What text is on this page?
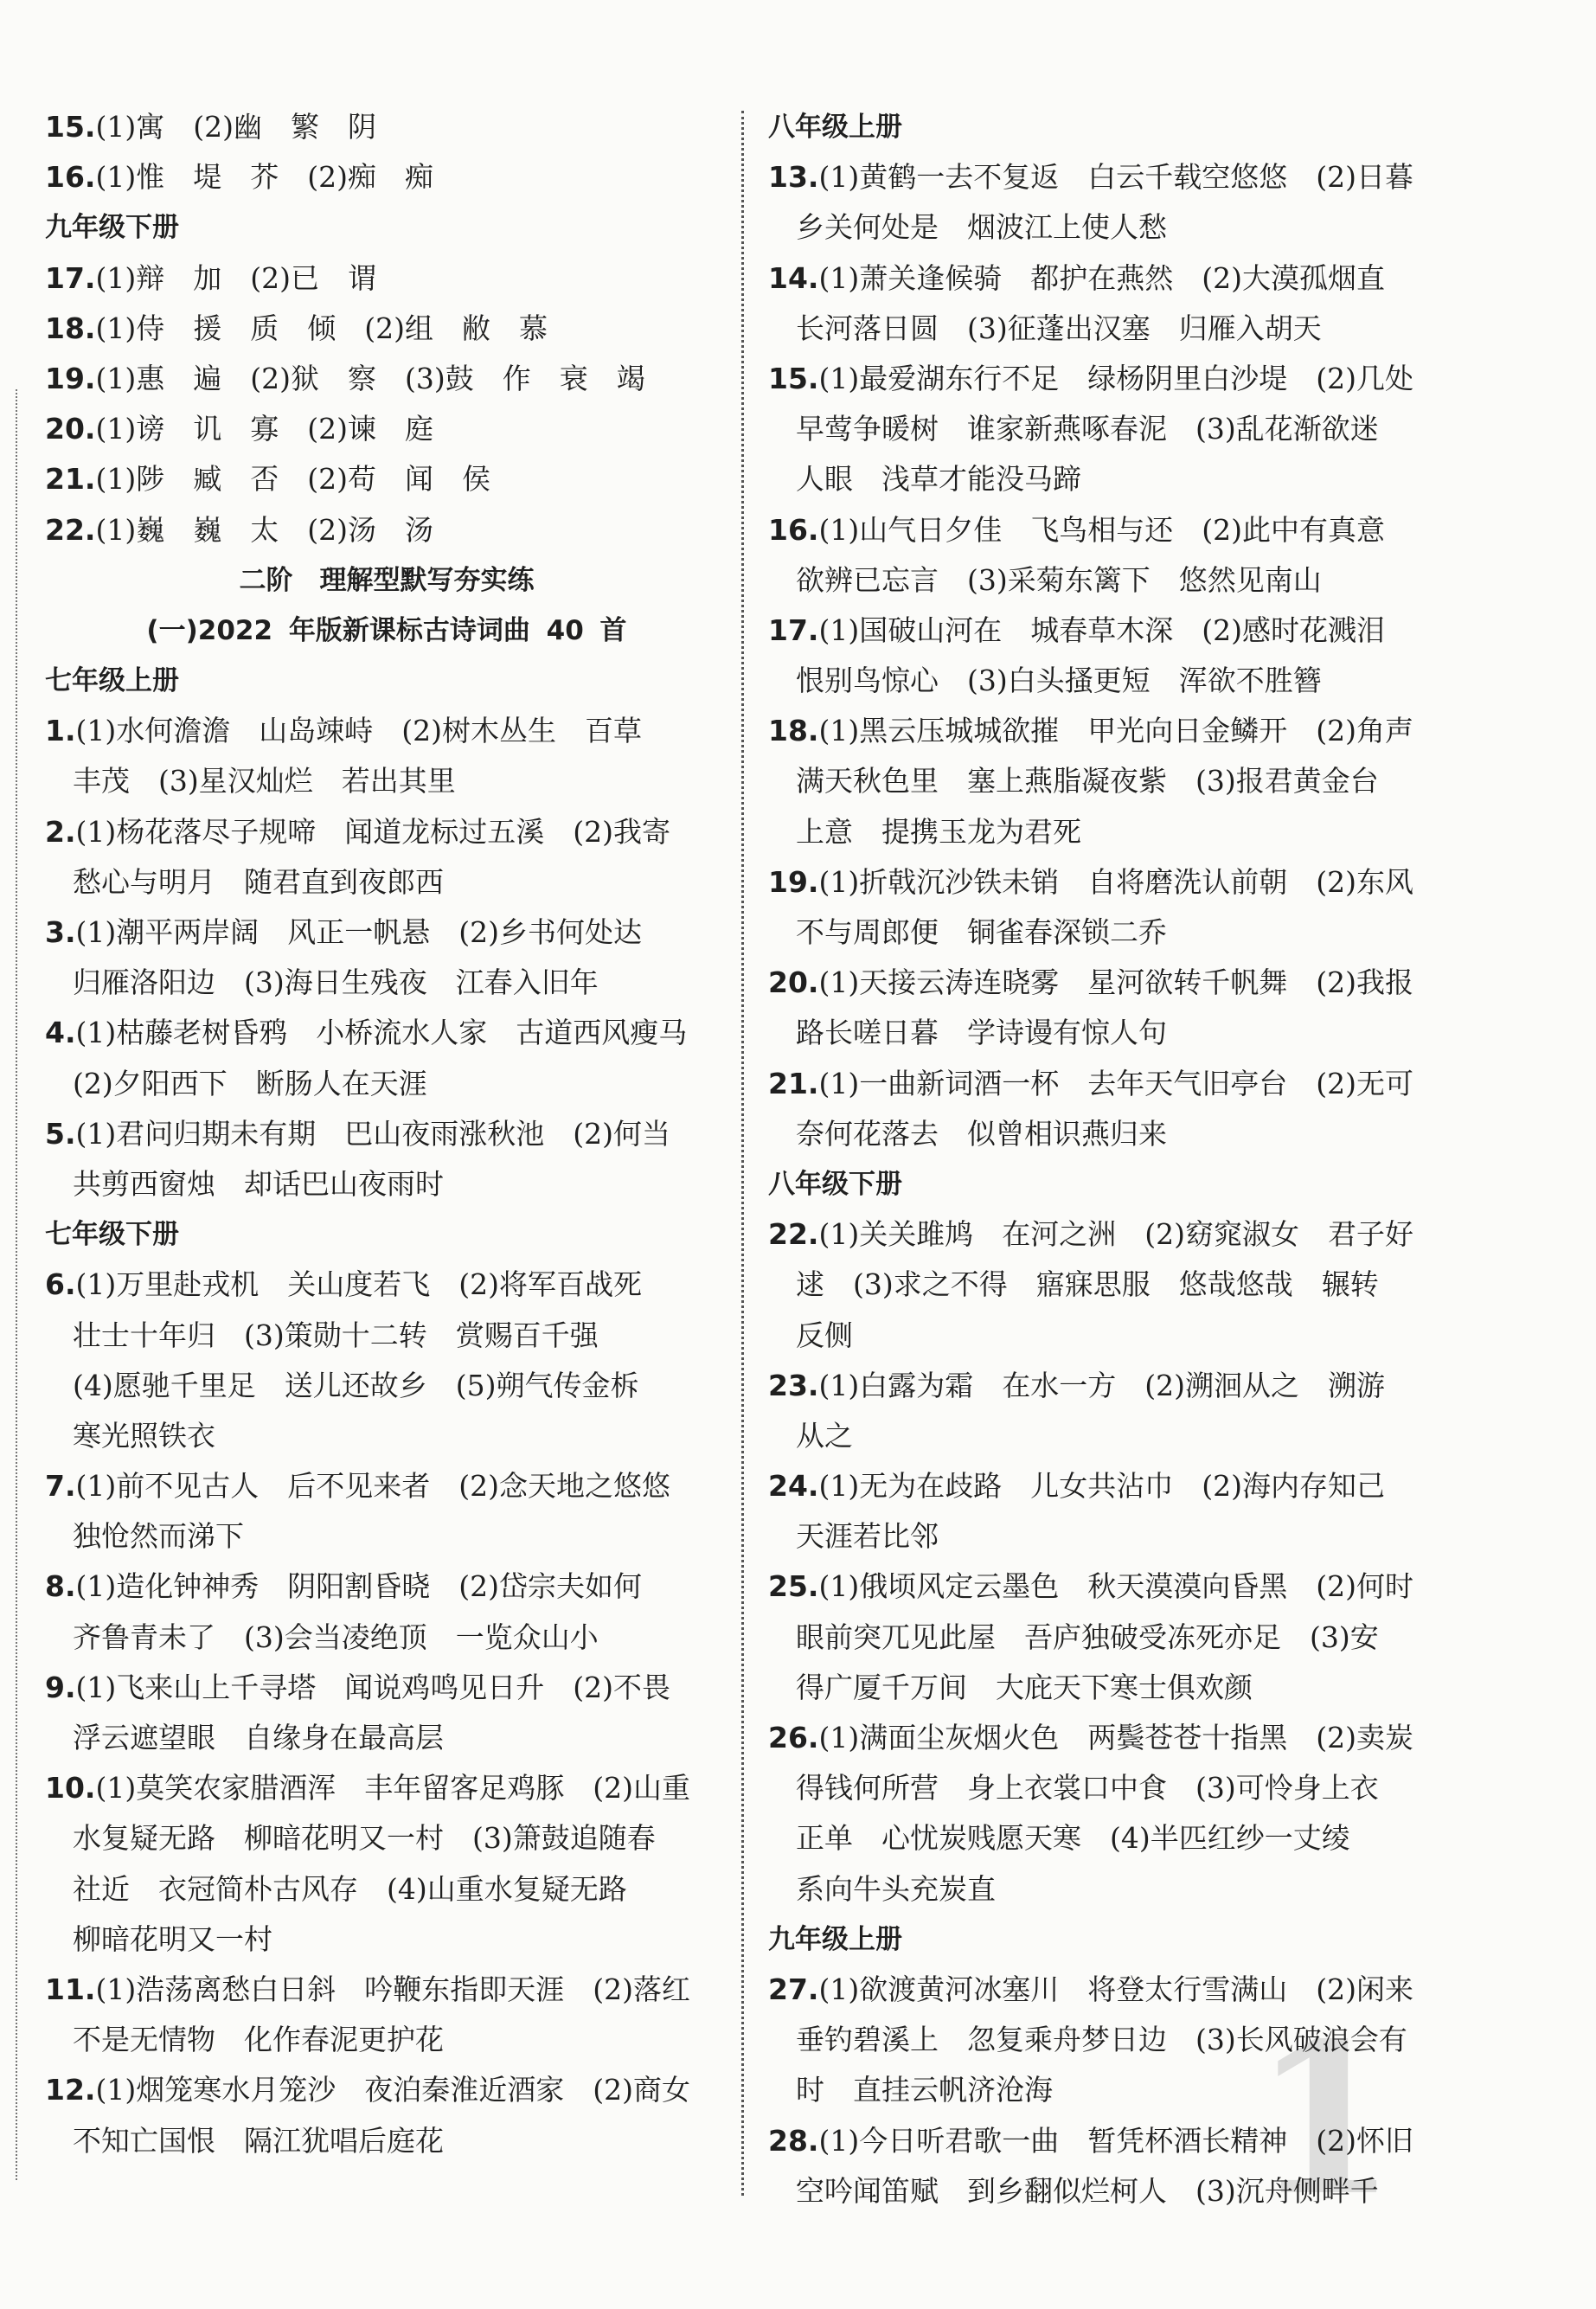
1
15.(1)寓　(2)幽　繁　阴
16.(1)惟　堤　芥　(2)痴　痴
九年级下册
17.(1)辩　加　(2)已　谓
18.(1)侍　援　质　倾　(2)组　敝　慕
19.(1)惠　遍　(2)狱　察　(3)鼓　作　衰　竭
20.(1)谤　讥　寡　(2)谏　庭
21.(1)陟　臧　否　(2)苟　闻　侯
22.(1)巍　巍　太　(2)汤　汤
二阶　理解型默写夯实练
(一)2022 年版新课标古诗词曲 40 首
七年级上册
1.(1)水何澹澹　山岛竦峙　(2)树木丛生　百草
丰茂　(3)星汉灿烂　若出其里
2.(1)杨花落尽子规啼　闻道龙标过五溪　(2)我寄
愁心与明月　随君直到夜郎西
3.(1)潮平两岸阔　风正一帆悬　(2)乡书何处达
归雁洛阳边　(3)海日生残夜　江春入旧年
4.(1)枯藤老树昏鸦　小桥流水人家　古道西风瘦马
(2)夕阳西下　断肠人在天涯
5.(1)君问归期未有期　巴山夜雨涨秋池　(2)何当
共剪西窗烛　却话巴山夜雨时
七年级下册
6.(1)万里赴戎机　关山度若飞　(2)将军百战死
壮士十年归　(3)策勋十二转　赏赐百千强
(4)愿驰千里足　送儿还故乡　(5)朔气传金柝
寒光照铁衣
7.(1)前不见古人　后不见来者　(2)念天地之悠悠
独怆然而涕下
8.(1)造化钟神秀　阴阳割昏晓　(2)岱宗夫如何
齐鲁青未了　(3)会当凌绝顶　一览众山小
9.(1)飞来山上千寻塔　闻说鸡鸣见日升　(2)不畏
浮云遮望眼　自缘身在最高层
10.(1)莫笑农家腊酒浑　丰年留客足鸡豚　(2)山重
水复疑无路　柳暗花明又一村　(3)箫鼓追随春
社近　衣冠简朴古风存　(4)山重水复疑无路
柳暗花明又一村
11.(1)浩荡离愁白日斜　吟鞭东指即天涯　(2)落红
不是无情物　化作春泥更护花
12.(1)烟笼寒水月笼沙　夜泊秦淮近酒家　(2)商女
不知亡国恨　隔江犹唱后庭花
八年级上册
13.(1)黄鹤一去不复返　白云千载空悠悠　(2)日暮
乡关何处是　烟波江上使人愁
14.(1)萧关逢候骑　都护在燕然　(2)大漠孤烟直
长河落日圆　(3)征蓬出汉塞　归雁入胡天
15.(1)最爱湖东行不足　绿杨阴里白沙堤　(2)几处
早莺争暖树　谁家新燕啄春泥　(3)乱花渐欲迷
人眼　浅草才能没马蹄
16.(1)山气日夕佳　飞鸟相与还　(2)此中有真意
欲辨已忘言　(3)采菊东篱下　悠然见南山
17.(1)国破山河在　城春草木深　(2)感时花溅泪
恨别鸟惊心　(3)白头搔更短　浑欲不胜簪
18.(1)黑云压城城欲摧　甲光向日金鳞开　(2)角声
满天秋色里　塞上燕脂凝夜紫　(3)报君黄金台
上意　提携玉龙为君死
19.(1)折戟沉沙铁未销　自将磨洗认前朝　(2)东风
不与周郎便　铜雀春深锁二乔
20.(1)天接云涛连晓雾　星河欲转千帆舞　(2)我报
路长嗟日暮　学诗谩有惊人句
21.(1)一曲新词酒一杯　去年天气旧亭台　(2)无可
奈何花落去　似曾相识燕归来
八年级下册
22.(1)关关雎鸠　在河之洲　(2)窈窕淑女　君子好
逑　(3)求之不得　寤寐思服　悠哉悠哉　辗转
反侧
23.(1)白露为霜　在水一方　(2)溯洄从之　溯游
从之
24.(1)无为在歧路　儿女共沾巾　(2)海内存知己
天涯若比邻
25.(1)俄顷风定云墨色　秋天漠漠向昏黑　(2)何时
眼前突兀见此屋　吾庐独破受冻死亦足　(3)安
得广厦千万间　大庇天下寒士俱欢颜
26.(1)满面尘灰烟火色　两鬓苍苍十指黑　(2)卖炭
得钱何所营　身上衣裳口中食　(3)可怜身上衣
正单　心忧炭贱愿天寒　(4)半匹红纱一丈绫
系向牛头充炭直
九年级上册
27.(1)欲渡黄河冰塞川　将登太行雪满山　(2)闲来
垂钓碧溪上　忽复乘舟梦日边　(3)长风破浪会有
时　直挂云帆济沧海
28.(1)今日听君歌一曲　暂凭杯酒长精神　(2)怀旧
空吟闻笛赋　到乡翻似烂柯人　(3)沉舟侧畔千
